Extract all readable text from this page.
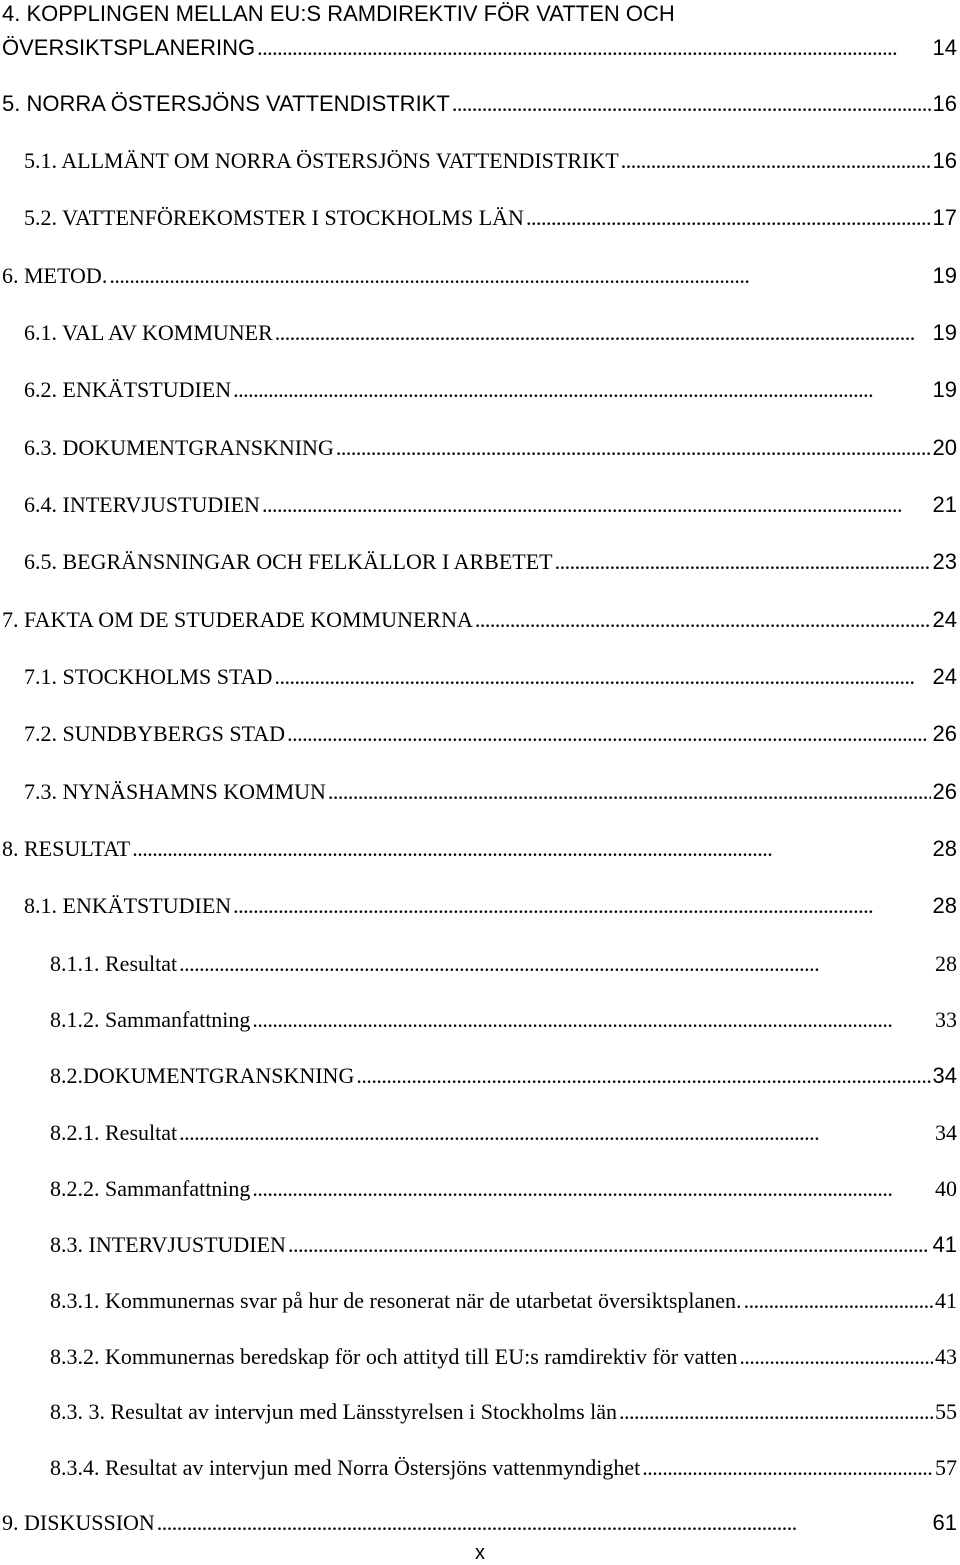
4. KOPPLINGEN MELLAN EU:S RAMDIREKTIV FÖR VATTEN OCH
ÖVERSIKTSPLANERING . . .	14
5. NORRA ÖSTERSJÖNS VATTENDISTRIKT . . .	16
5.1. ALLMÄNT OM NORRA ÖSTERSJÖNS VATTENDISTRIKT . . .	16
5.2. VATTENFÖREKOMSTER I STOCKHOLMS LÄN . . .	17
6. METOD. . . .	19
6.1. VAL AV KOMMUNER . . .	19
6.2. ENKÄTSTUDIEN . . .	19
6.3. DOKUMENTGRANSKNING . . .	20
6.4. INTERVJUSTUDIEN . . .	21
6.5. BEGRÄNSNINGAR OCH FELKÄLLOR I ARBETET . . .	23
7. FAKTA OM DE STUDERADE KOMMUNERNA . . .	24
7.1. STOCKHOLMS STAD . . .	24
7.2. SUNDBYBERGS STAD . . .	26
7.3. NYNÄSHAMNS KOMMUN . . .	26
8. RESULTAT . . .	28
8.1. ENKÄTSTUDIEN . . .	28
8.1.1. Resultat . . .	28
8.1.2. Sammanfattning . . .	33
8.2.DOKUMENTGRANSKNING . . .	34
8.2.1. Resultat . . .	34
8.2.2. Sammanfattning . . .	40
8.3. INTERVJUSTUDIEN . . .	41
8.3.1. Kommunernas svar på hur de resonerat när de utarbetat översiktsplanen. . . .	41
8.3.2. Kommunernas beredskap för och attityd till EU:s ramdirektiv för vatten . . .	43
8.3. 3. Resultat av intervjun med Länsstyrelsen i Stockholms län . . .	55
8.3.4. Resultat av intervjun med Norra Östersjöns vattenmyndighet . . .	57
9. DISKUSSION . . .	61
x
